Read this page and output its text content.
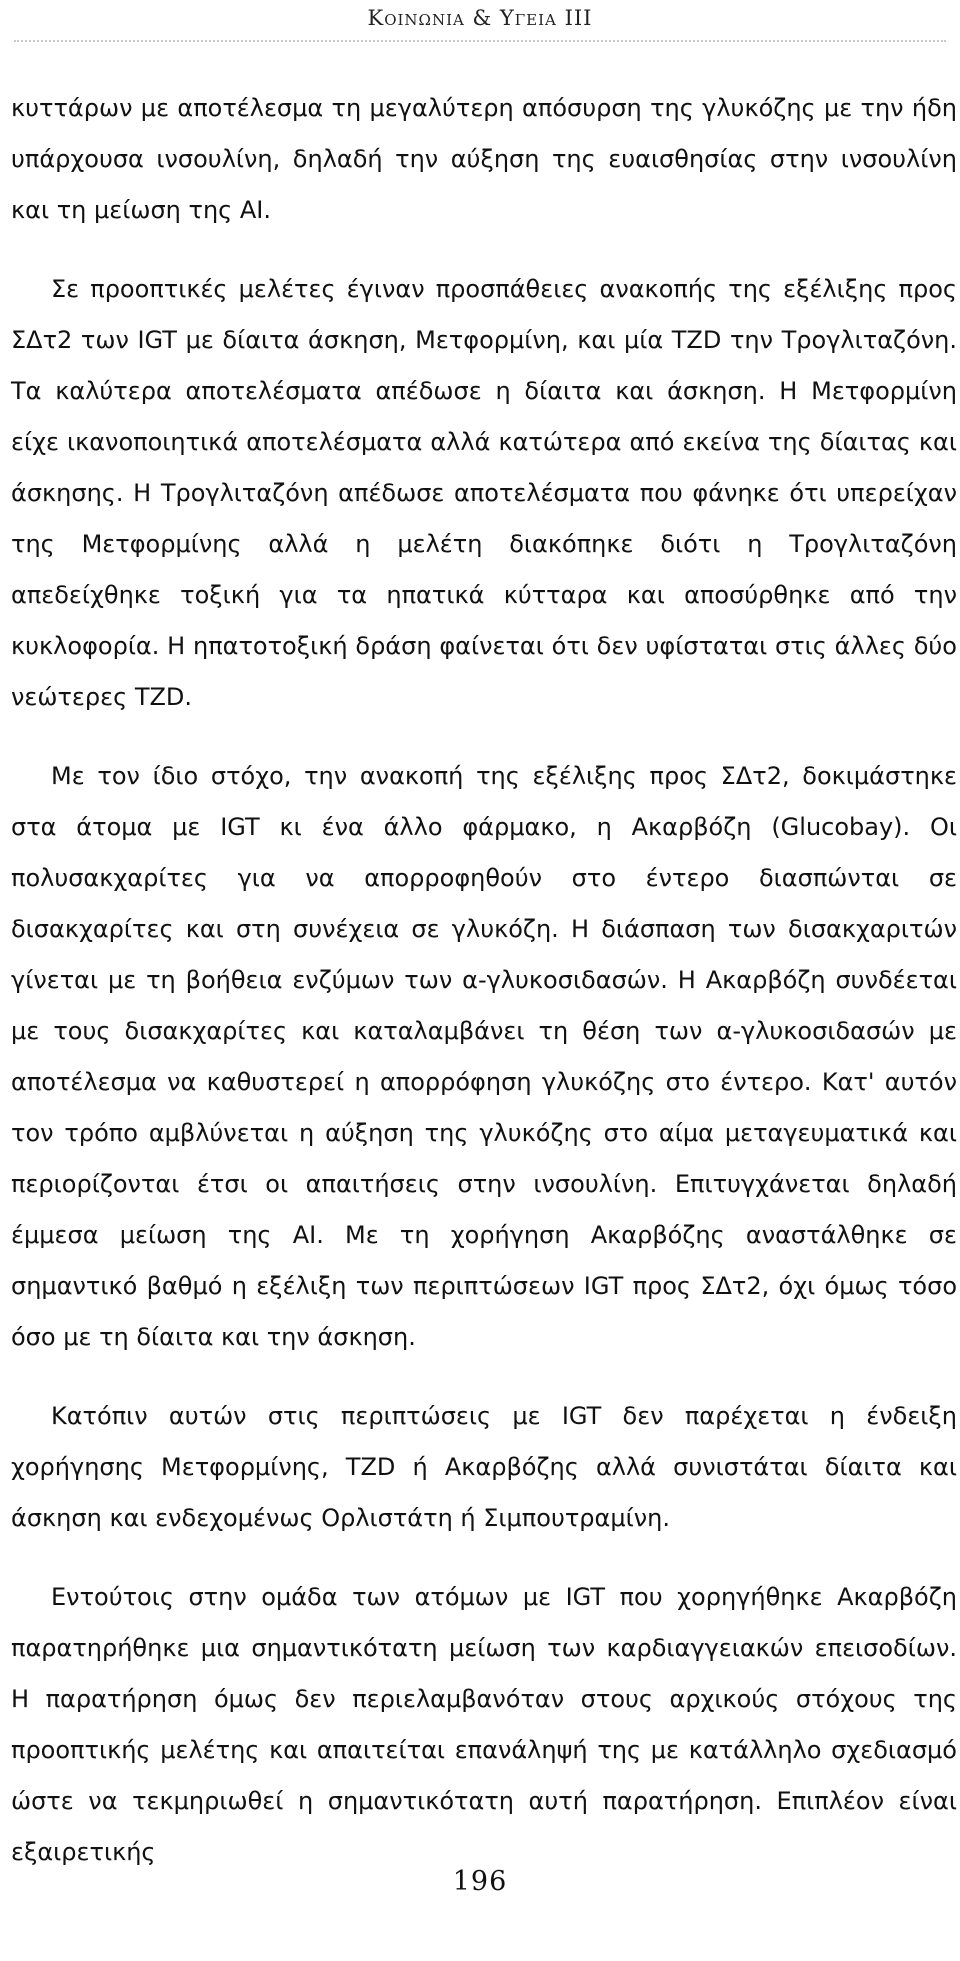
Κοινωνια & Υγεια III

κυττάρων με αποτέλεσμα τη μεγαλύτερη απόσυρση της γλυκόζης με την ήδη υπάρχουσα ινσουλίνη, δηλαδή την αύξηση της ευαισθησίας στην ινσουλίνη και τη μείωση της AI.

Σε προοπτικές μελέτες έγιναν προσπάθειες ανακοπής της εξέλιξης προς ΣΔτ2 των IGT με δίαιτα άσκηση, Μετφορμίνη, και μία TZD την Τρογλιταζόνη. Τα καλύτερα αποτελέσματα απέδωσε η δίαιτα και άσκηση. Η Μετφορμίνη είχε ικανοποιητικά αποτελέσματα αλλά κατώτερα από εκείνα της δίαιτας και άσκησης. Η Τρογλιταζόνη απέδωσε αποτελέσματα που φάνηκε ότι υπερείχαν της Μετφορμίνης αλλά η μελέτη διακόπηκε διότι η Τρογλιταζόνη απεδείχθηκε τοξική για τα ηπατικά κύτταρα και αποσύρθηκε από την κυκλοφορία. Η ηπατοτοξική δράση φαίνεται ότι δεν υφίσταται στις άλλες δύο νεώτερες TZD.

Με τον ίδιο στόχο, την ανακοπή της εξέλιξης προς ΣΔτ2, δοκιμάστηκε στα άτομα με IGT κι ένα άλλο φάρμακο, η Ακαρβόζη (Glucobay). Οι πολυσακχαρίτες για να απορροφηθούν στο έντερο διασπώνται σε δισακχαρίτες και στη συνέχεια σε γλυκόζη. Η διάσπαση των δισακχαριτών γίνεται με τη βοήθεια ενζύμων των α-γλυκοσιδασών. Η Ακαρβόζη συνδέεται με τους δισακχαρίτες και καταλαμβάνει τη θέση των α-γλυκοσιδασών με αποτέλεσμα να καθυστερεί η απορρόφηση γλυκόζης στο έντερο. Κατ' αυτόν τον τρόπο αμβλύνεται η αύξηση της γλυκόζης στο αίμα μεταγευματικά και περιορίζονται έτσι οι απαιτήσεις στην ινσουλίνη. Επιτυγχάνεται δηλαδή έμμεσα μείωση της AI. Με τη χορήγηση Ακαρβόζης αναστάλθηκε σε σημαντικό βαθμό η εξέλιξη των περιπτώσεων IGT προς ΣΔτ2, όχι όμως τόσο όσο με τη δίαιτα και την άσκηση.

Κατόπιν αυτών στις περιπτώσεις με IGT δεν παρέχεται η ένδειξη χορήγησης Μετφορμίνης, TZD ή Ακαρβόζης αλλά συνιστάται δίαιτα και άσκηση και ενδεχομένως Ορλιστάτη ή Σιμπουτραμίνη.

Εντούτοις στην ομάδα των ατόμων με IGT που χορηγήθηκε Ακαρβόζη παρατηρήθηκε μια σημαντικότατη μείωση των καρδιαγγειακών επεισοδίων. Η παρατήρηση όμως δεν περιελαμβανόταν στους αρχικούς στόχους της προοπτικής μελέτης και απαιτείται επανάληψή της με κατάλληλο σχεδιασμό ώστε να τεκμηριωθεί η σημαντικότατη αυτή παρατήρηση. Επιπλέον είναι εξαιρετικής

196
